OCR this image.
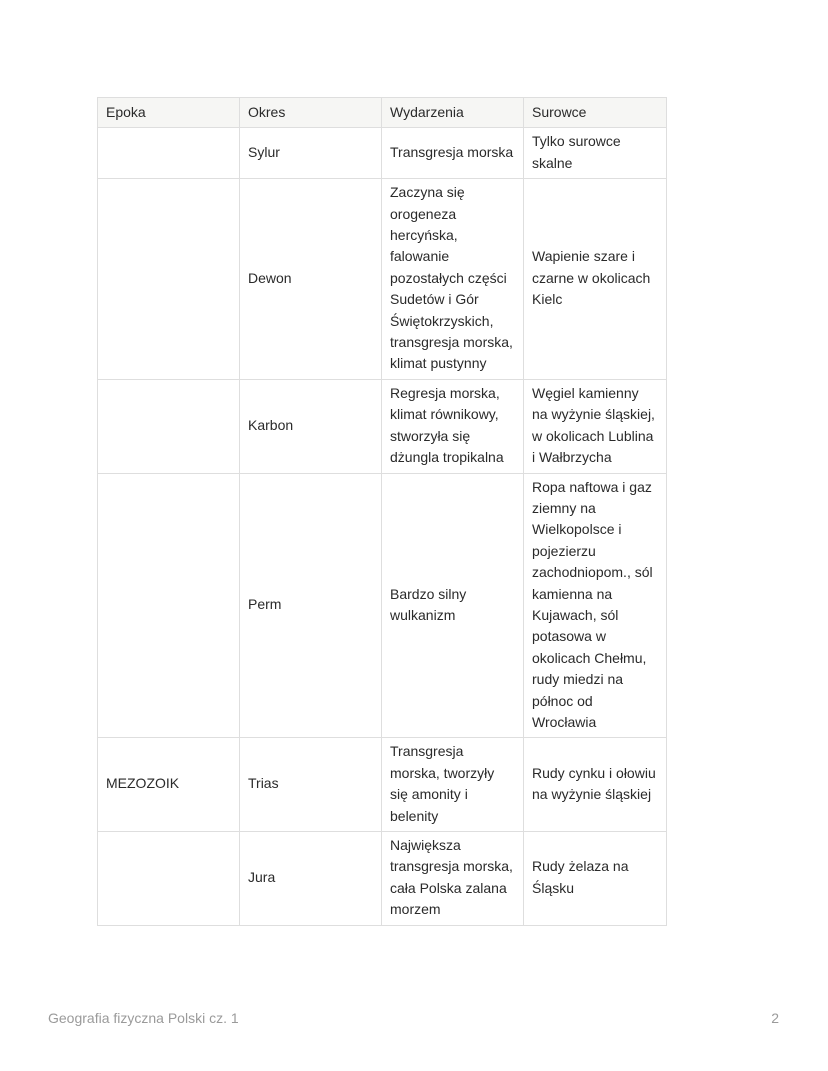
Epoka	Okres	Wydarzenia	Surowce
	Sylur	Transgresja morska	Tylko surowce skalne
	Dewon	Zaczyna się orogeneza hercyńska, falowanie pozostałych części Sudetów i Gór Świętokrzyskich, transgresja morska, klimat pustynny	Wapienie szare i czarne w okolicach Kielc
	Karbon	Regresja morska, klimat równikowy, stworzyła się dżungla tropikalna	Węgiel kamienny na wyżynie śląskiej, w okolicach Lublina i Wałbrzycha
	Perm	Bardzo silny wulkanizm	Ropa naftowa i gaz ziemny na Wielkopolsce i pojezierzu zachodniopom., sól kamienna na Kujawach, sól potasowa w okolicach Chełmu, rudy miedzi na północ od Wrocławia
MEZOZOIK	Trias	Transgresja morska, tworzyły się amonity i belenity	Rudy cynku i ołowiu na wyżynie śląskiej
	Jura	Największa transgresja morska, cała Polska zalana morzem	Rudy żelaza na Śląsku
Geografia fizyczna Polski cz. 1	2
